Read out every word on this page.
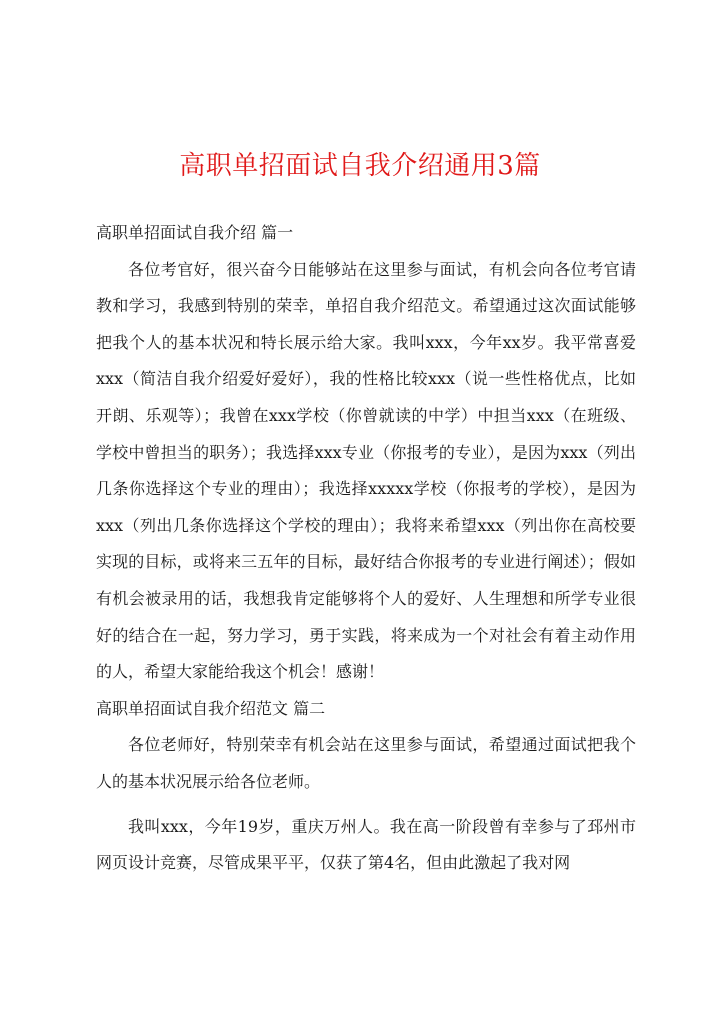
高职单招面试自我介绍通用3篇

高职单招面试自我介绍 篇一

各位考官好，很兴奋今日能够站在这里参与面试，有机会向各位考官请教和学习，我感到特别的荣幸，单招自我介绍范文。希望通过这次面试能够把我个人的基本状况和特长展示给大家。我叫xxx，今年xx岁。我平常喜爱xxx（简洁自我介绍爱好爱好），我的性格比较xxx（说一些性格优点，比如开朗、乐观等）；我曾在xxx学校（你曾就读的中学）中担当xxx（在班级、学校中曾担当的职务）；我选择xxx专业（你报考的专业），是因为xxx（列出几条你选择这个专业的理由）；我选择xxxxx学校（你报考的学校），是因为xxx（列出几条你选择这个学校的理由）；我将来希望xxx（列出你在高校要实现的目标，或将来三五年的目标，最好结合你报考的专业进行阐述）；假如有机会被录用的话，我想我肯定能够将个人的爱好、人生理想和所学专业很好的结合在一起，努力学习，勇于实践，将来成为一个对社会有着主动作用的人，希望大家能给我这个机会！感谢！

高职单招面试自我介绍范文 篇二

各位老师好，特别荣幸有机会站在这里参与面试，希望通过面试把我个人的基本状况展示给各位老师。

我叫xxx，今年19岁，重庆万州人。我在高一阶段曾有幸参与了邳州市网页设计竞赛，尽管成果平平，仅获了第4名，但由此激起了我对网
